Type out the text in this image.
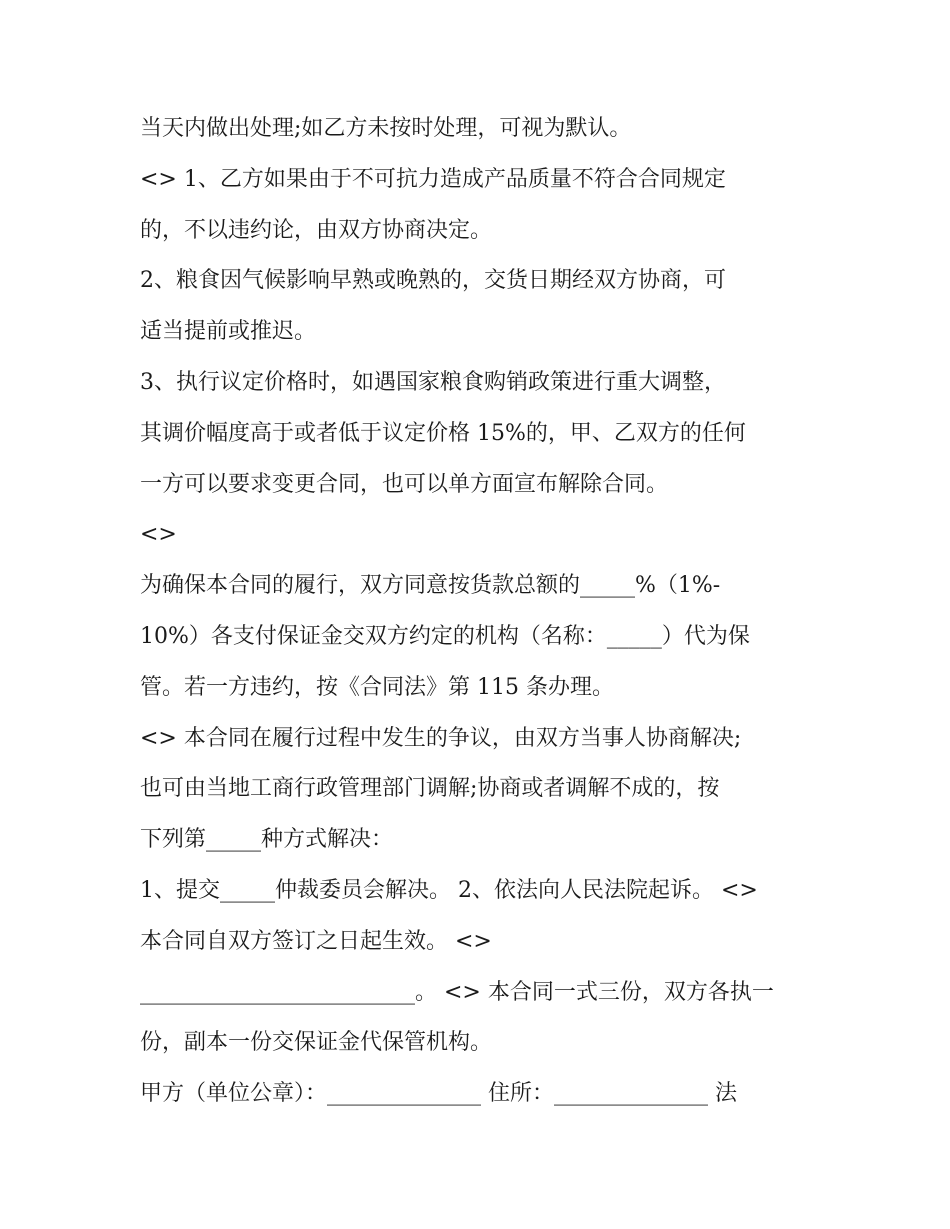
当天内做出处理;如乙方未按时处理，可视为默认。
<> 1、乙方如果由于不可抗力造成产品质量不符合合同规定
的，不以违约论，由双方协商决定。
2、粮食因气候影响早熟或晚熟的，交货日期经双方协商，可
适当提前或推迟。
3、执行议定价格时，如遇国家粮食购销政策进行重大调整，
其调价幅度高于或者低于议定价格 15%的，甲、乙双方的任何
一方可以要求变更合同，也可以单方面宣布解除合同。
<>
为确保本合同的履行，双方同意按货款总额的_____%（1%-
10%）各支付保证金交双方约定的机构（名称：_____）代为保
管。若一方违约，按《合同法》第 115 条办理。
<> 本合同在履行过程中发生的争议，由双方当事人协商解决;
也可由当地工商行政管理部门调解;协商或者调解不成的，按
下列第_____种方式解决：
1、提交_____仲裁委员会解决。 2、依法向人民法院起诉。 <>
本合同自双方签订之日起生效。 <>
_________________________。 <> 本合同一式三份，双方各执一
份，副本一份交保证金代保管机构。
甲方（单位公章）：______________ 住所：______________ 法
